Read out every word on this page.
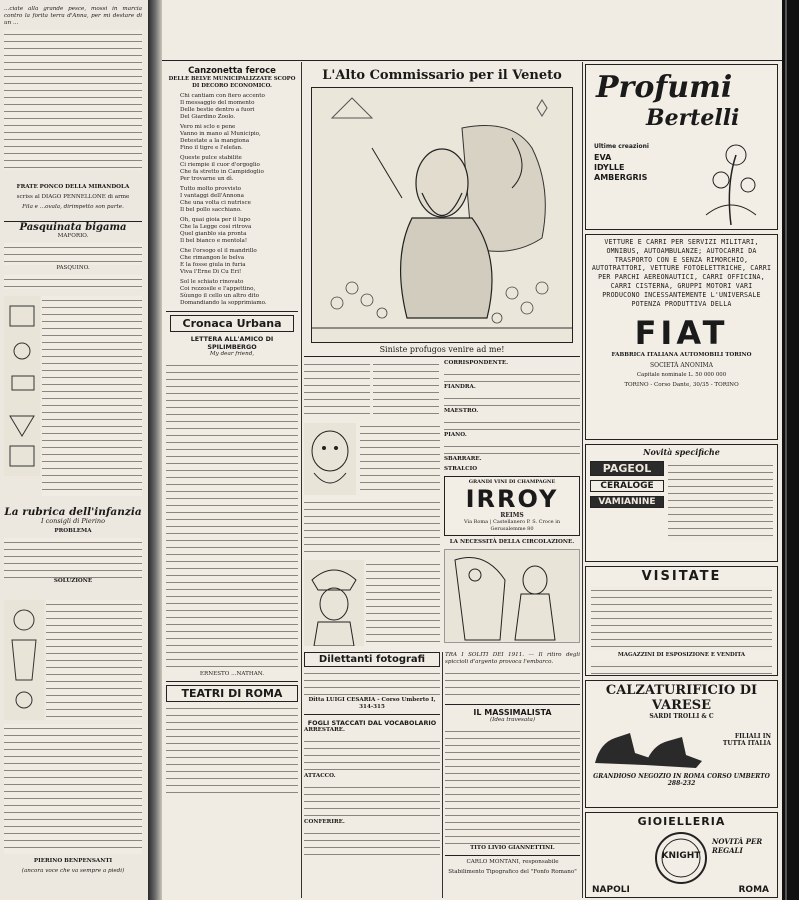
...ciate alla grande pesce, mossi in marcia contro la forita terra d'Anna, per mi destare di un ...

FRATE PONCO DELLA MIRANDOLA

scriss al DIAGO PENNELLONE di arme

Fila e ...ovala, dirimpetto son parte.

Pasquinata bigama

MAFORIO.

PASQUINO.

La rubrica dell'infanzia

I consigli di Pierino

PROBLEMA

SOLUZIONE

PIERINO BENPENSANTI

(ancora voce che va sempre a piedi)

Canzonetta feroce

DELLE BELVE MUNICIPALIZZATE SCOPO DI DECORO ECONOMICO.

Chi cantiam con fiero accento
Il messaggio del momento
Delle bestie dentro a fuori
Del Giardino Zoolo.
Vero mi sclo e pene
Vanno in mano al Municipio,
Detestate a la mangiona
Fino il tigre e l'elefan.
Queste pulce stabilite
Ci riempie il cuor d'orgoglio
Che fa stretto in Campidoglio
Per trovarne un dì.
Tutto molto provvisto
I vantaggi dell'Annona
Che una volta ci nutrisce
Il bel pollo sacchiano.
Oh, quai gioia per il lupo
Che la Legge cosi ritrova
Quel gianblo sia pronta
Il bel bianco e mentola!
Che l'orsogo el il mandrillo
Che rimangon le belva
E la fosse giula in furia
Viva l'Erne Di Cu Eri!
Sol le schiato rinovato
Coi rezzosile e l'appettino,
Sùungo il cello un altro dito
Domandiando la sopprimiamo.
Cronaca Urbana
LETTERA ALL'AMICO DI SPILIMBERGO

My dear friend,

ERNESTO ...NATHAN.

TEATRI DI ROMA
L'Alto Commissario per il Veneto

Siniste profugos venire ad me!

CORRISPONDENTE.

FIANDRA.

MAESTRO.

PIANO.

SBARRARE.

STRALCIO

GRANDI VINI DI CHAMPAGNE

IRROY

REIMS

Via Roma | Castellanero P. S. Croce in Gerusalemme 80

LA NECESSITÀ DELLA CIRCOLAZIONE.

Dilettanti fotografi

Ditta LUIGI CESARIA - Corso Umberto I, 314-315

FOGLI STACCATI DAL VOCABOLARIO

ARRESTARE.

ATTACCO.

CONFERIRE.

TRA I SOLITI DEI 1911. — Il ritiro degli spiccioli d'argento provoca l'embarco.

IL MASSIMALISTA

(Idea travesata)

TITO LIVIO GIANNETTINI.

CARLO MONTANI, responsabile

Stabilimento Tipografico del "Fonfo Romano"

Profumi
Bertelli
Ultime creazioni
EVA
IDYLLE
AMBERGRIS

VETTURE E CARRI PER SERVIZI MILITARI, OMNIBUS, AUTOAMBULANZE; AUTOCARRI DA TRASPORTO CON E SENZA RIMORCHIO, AUTOTRATTORI, VETTURE FOTOELETTRICHE, CARRI PER PARCHI AEREONAUTICI, CARRI OFFICINA, CARRI CISTERNA, GRUPPI MOTORI VARI PRODUCONO INCESSANTEMENTE L'UNIVERSALE POTENZA PRODUTTIVA DELLA

FIAT

FABBRICA ITALIANA AUTOMOBILI TORINO

SOCIETÀ ANONIMA

Capitale nominale L. 50 000 000

TORINO - Corso Dante, 30/35 - TORINO

Novità specifiche
PAGEOL
CERALOGE
VAMIANINE
VISITATE

MAGAZZINI DI ESPOSIZIONE E VENDITA

CALZATURIFICIO DI VARESE

SARDI TROLLI & C

FILIALI IN TUTTA ITALIA

GRANDIOSO NEGOZIO IN ROMA CORSO UMBERTO 288-232

GIOIELLERIA
KNIGHT
NOVITÀ PER REGALI
NAPOLI	ROMA
